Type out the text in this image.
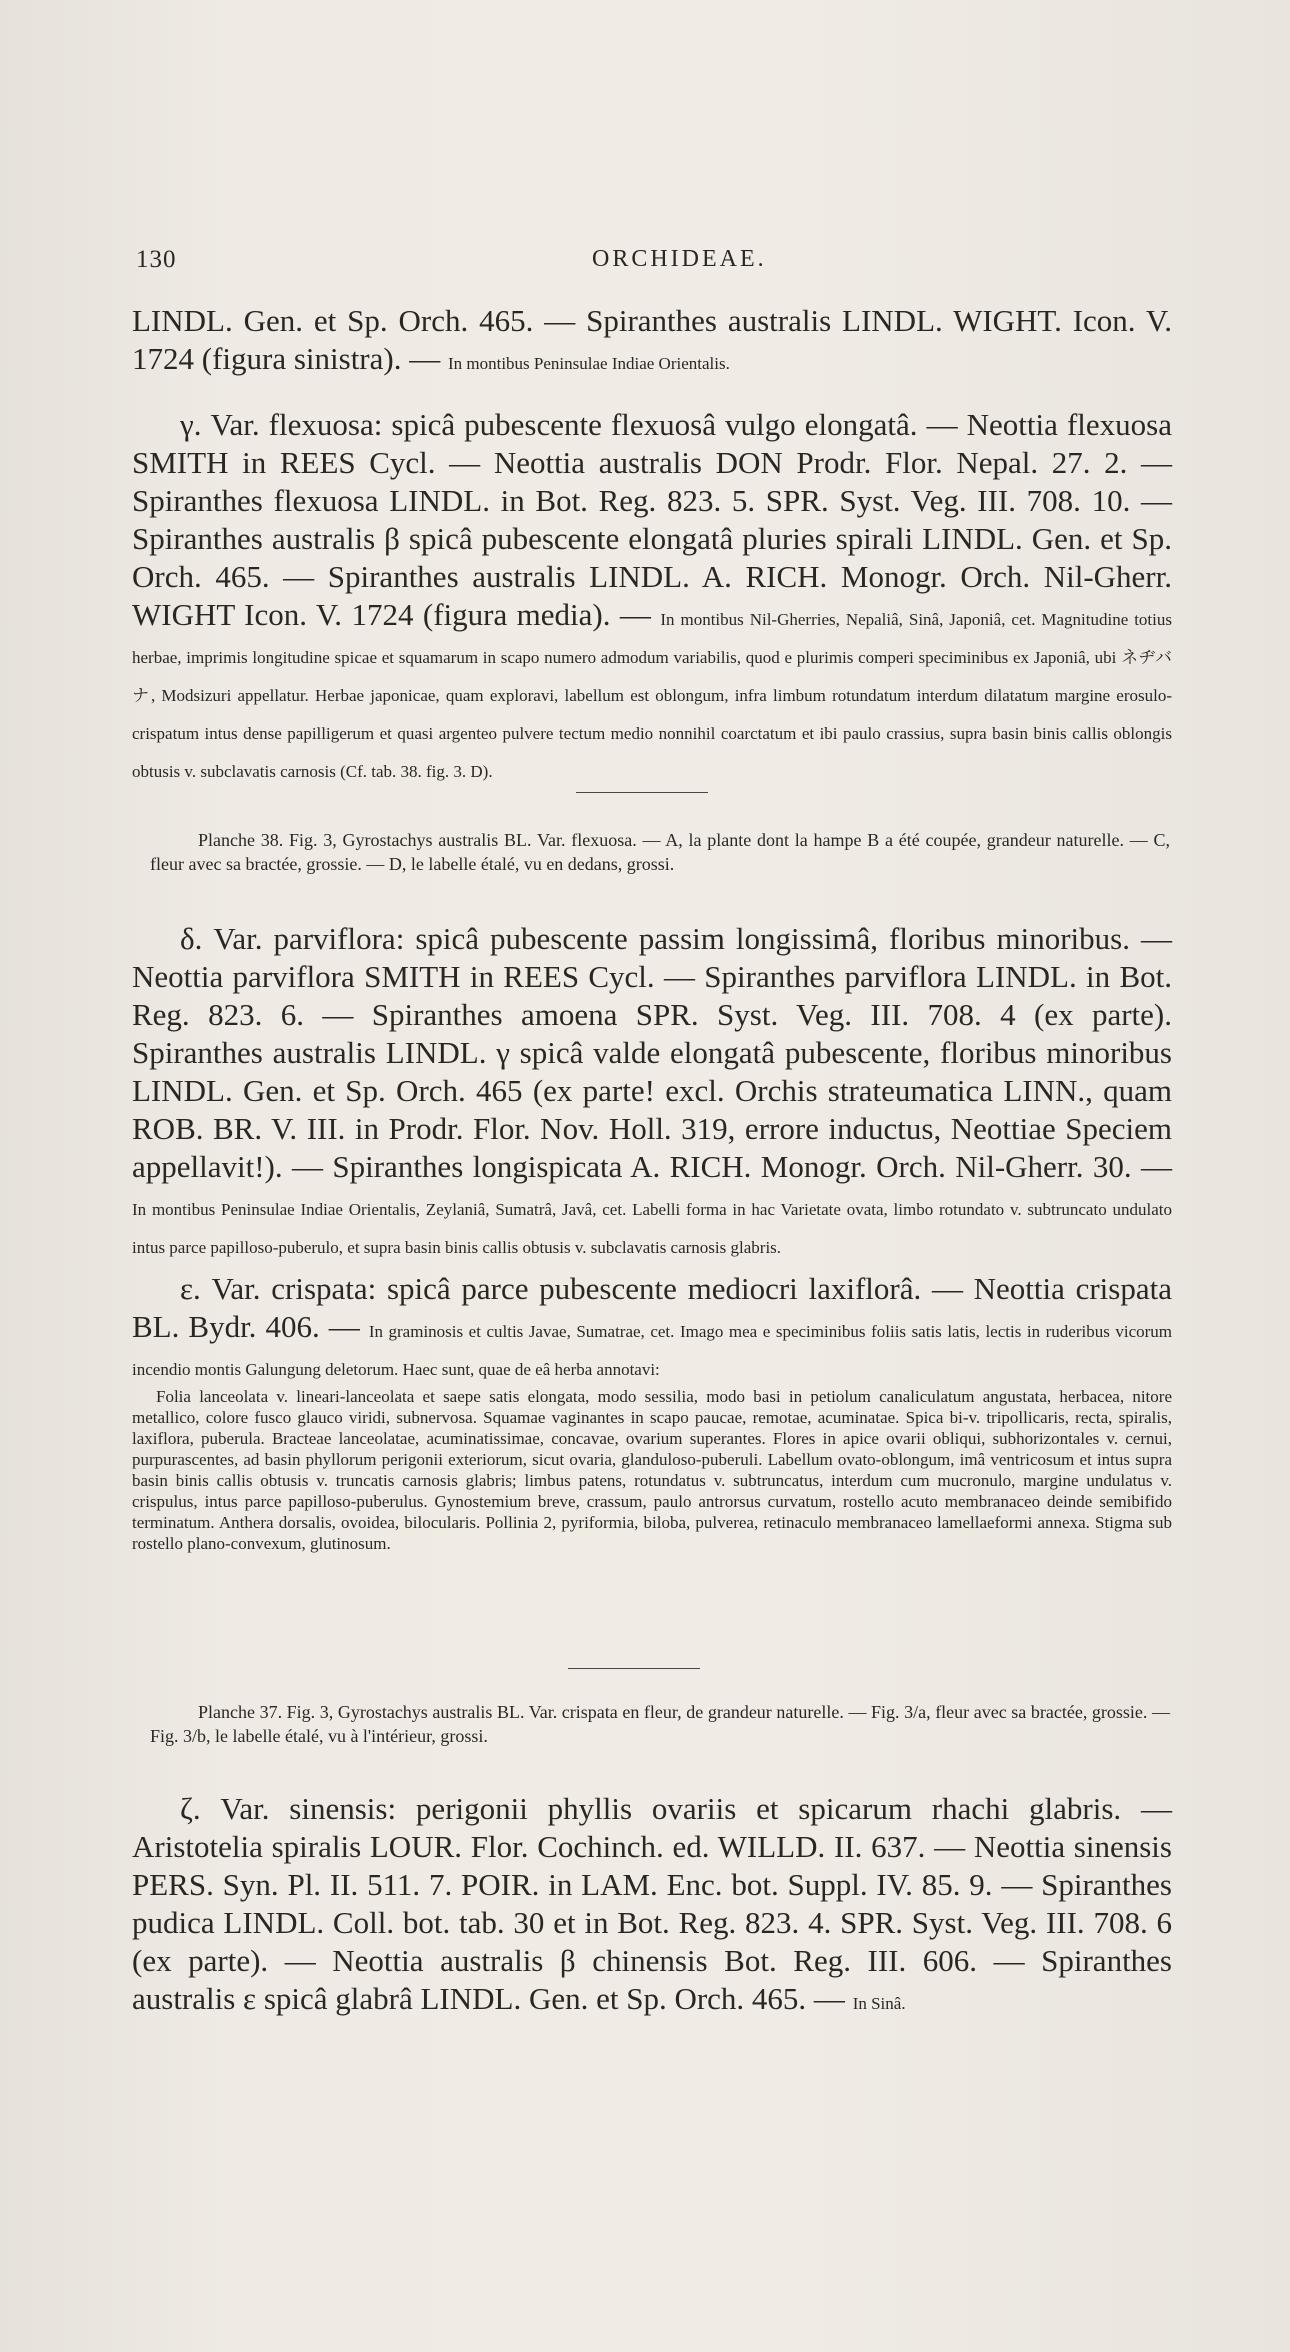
130	ORCHIDEAE.

LINDL. Gen. et Sp. Orch. 465. — Spiranthes australis LINDL. WIGHT. Icon. V. 1724 (figura sinistra). — In montibus Peninsulae Indiae Orientalis.

γ. Var. flexuosa: spicâ pubescente flexuosâ vulgo elongatâ. — Neottia flexuosa SMITH in REES Cycl. — Neottia australis DON Prodr. Flor. Nepal. 27. 2. — Spiranthes flexuosa LINDL. in Bot. Reg. 823. 5. SPR. Syst. Veg. III. 708. 10. — Spiranthes australis β spicâ pubescente elongatâ pluries spirali LINDL. Gen. et Sp. Orch. 465. — Spiranthes australis LINDL. A. RICH. Monogr. Orch. Nil-Gherr. WIGHT Icon. V. 1724 (figura media). — In montibus Nil-Gherries, Nepaliâ, Sinâ, Japoniâ, cet. Magnitudine totius herbae, imprimis longitudine spicae et squamarum in scapo numero admodum variabilis, quod e plurimis comperi speciminibus ex Japoniâ, ubi ネヂバナ, Modsizuri appellatur. Herbae japonicae, quam exploravi, labellum est oblongum, infra limbum rotundatum interdum dilatatum margine erosulo-crispatum intus dense papilligerum et quasi argenteo pulvere tectum medio nonnihil coarctatum et ibi paulo crassius, supra basin binis callis oblongis obtusis v. subclavatis carnosis (Cf. tab. 38. fig. 3. D).

Planche 38. Fig. 3, Gyrostachys australis BL. Var. flexuosa. — A, la plante dont la hampe B a été coupée, grandeur naturelle. — C, fleur avec sa bractée, grossie. — D, le labelle étalé, vu en dedans, grossi.

δ. Var. parviflora: spicâ pubescente passim longissimâ, floribus minoribus. — Neottia parviflora SMITH in REES Cycl. — Spiranthes parviflora LINDL. in Bot. Reg. 823. 6. — Spiranthes amoena SPR. Syst. Veg. III. 708. 4 (ex parte). Spiranthes australis LINDL. γ spicâ valde elongatâ pubescente, floribus minoribus LINDL. Gen. et Sp. Orch. 465 (ex parte! excl. Orchis strateumatica LINN., quam ROB. BR. V. III. in Prodr. Flor. Nov. Holl. 319, errore inductus, Neottiae Speciem appellavit!). — Spiranthes longispicata A. RICH. Monogr. Orch. Nil-Gherr. 30. — In montibus Peninsulae Indiae Orientalis, Zeylaniâ, Sumatrâ, Javâ, cet. Labelli forma in hac Varietate ovata, limbo rotundato v. subtruncato undulato intus parce papilloso-puberulo, et supra basin binis callis obtusis v. subclavatis carnosis glabris.

ε. Var. crispata: spicâ parce pubescente mediocri laxiflorâ. — Neottia crispata BL. Bydr. 406. — In graminosis et cultis Javae, Sumatrae, cet. Imago mea e speciminibus foliis satis latis, lectis in ruderibus vicorum incendio montis Galungung deletorum. Haec sunt, quae de eâ herba annotavi:

Folia lanceolata v. lineari-lanceolata et saepe satis elongata, modo sessilia, modo basi in petiolum canaliculatum angustata, herbacea, nitore metallico, colore fusco glauco viridi, subnervosa. Squamae vaginantes in scapo paucae, remotae, acuminatae. Spica bi-v. tripollicaris, recta, spiralis, laxiflora, puberula. Bracteae lanceolatae, acuminatissimae, concavae, ovarium superantes. Flores in apice ovarii obliqui, subhorizontales v. cernui, purpurascentes, ad basin phyllorum perigonii exteriorum, sicut ovaria, glanduloso-puberuli. Labellum ovato-oblongum, imâ ventricosum et intus supra basin binis callis obtusis v. truncatis carnosis glabris; limbus patens, rotundatus v. subtruncatus, interdum cum mucronulo, margine undulatus v. crispulus, intus parce papilloso-puberulus. Gynostemium breve, crassum, paulo antrorsus curvatum, rostello acuto membranaceo deinde semibifido terminatum. Anthera dorsalis, ovoidea, bilocularis. Pollinia 2, pyriformia, biloba, pulverea, retinaculo membranaceo lamellaeformi annexa. Stigma sub rostello plano-convexum, glutinosum.

Planche 37. Fig. 3, Gyrostachys australis BL. Var. crispata en fleur, de grandeur naturelle. — Fig. 3/a, fleur avec sa bractée, grossie. — Fig. 3/b, le labelle étalé, vu à l'intérieur, grossi.

ζ. Var. sinensis: perigonii phyllis ovariis et spicarum rhachi glabris. — Aristotelia spiralis LOUR. Flor. Cochinch. ed. WILLD. II. 637. — Neottia sinensis PERS. Syn. Pl. II. 511. 7. POIR. in LAM. Enc. bot. Suppl. IV. 85. 9. — Spiranthes pudica LINDL. Coll. bot. tab. 30 et in Bot. Reg. 823. 4. SPR. Syst. Veg. III. 708. 6 (ex parte). — Neottia australis β chinensis Bot. Reg. III. 606. — Spiranthes australis ε spicâ glabrâ LINDL. Gen. et Sp. Orch. 465. — In Sinâ.
